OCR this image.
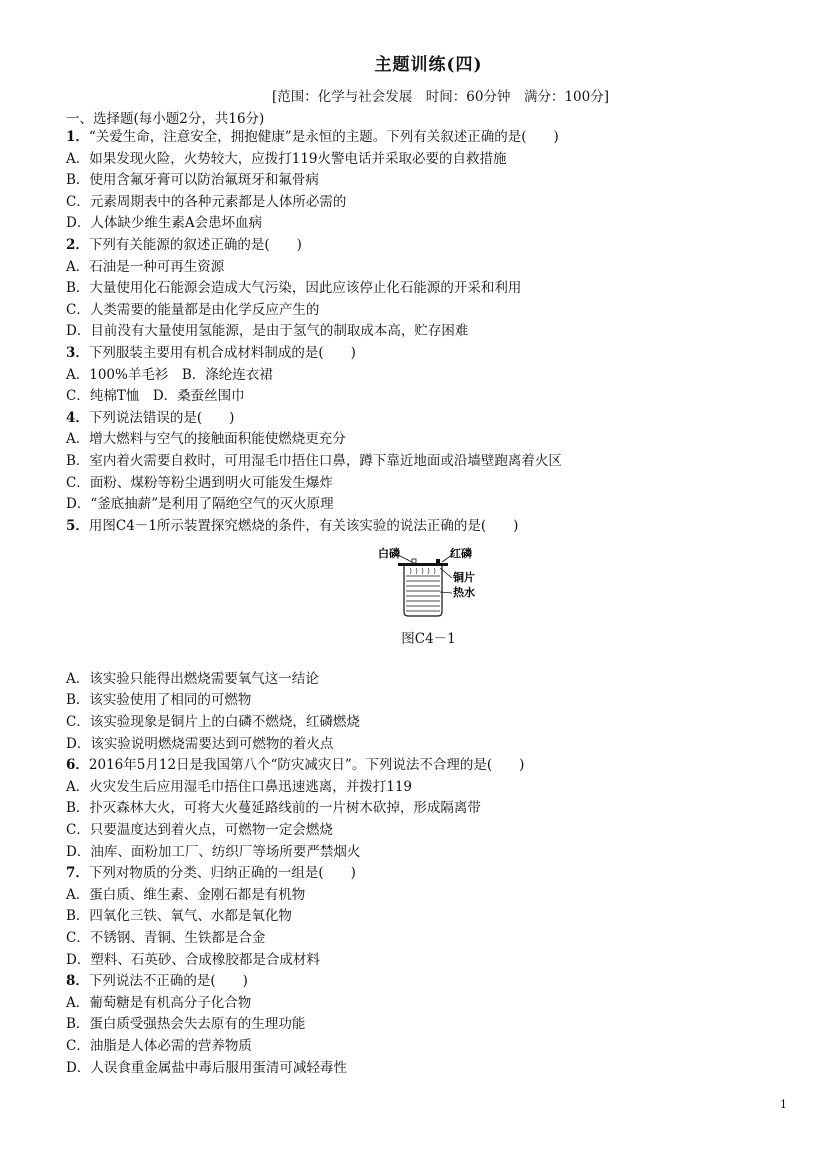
主题训练(四)
[范围：化学与社会发展　时间：60分钟　满分：100分]
一、选择题(每小题2分，共16分)
1．“关爱生命，注意安全，拥抱健康”是永恒的主题。下列有关叙述正确的是(　　)
A．如果发现火险，火势较大，应拨打119火警电话并采取必要的自救措施
B．使用含氟牙膏可以防治氟斑牙和氟骨病
C．元素周期表中的各种元素都是人体所必需的
D．人体缺少维生素A会患坏血病
2．下列有关能源的叙述正确的是(　　)
A．石油是一种可再生资源
B．大量使用化石能源会造成大气污染，因此应该停止化石能源的开采和利用
C．人类需要的能量都是由化学反应产生的
D．目前没有大量使用氢能源，是由于氢气的制取成本高，贮存困难
3．下列服装主要用有机合成材料制成的是(　　)
A．100%羊毛衫　B．涤纶连衣裙
C．纯棉T恤　D．桑蚕丝围巾
4．下列说法错误的是(　　)
A．增大燃料与空气的接触面积能使燃烧更充分
B．室内着火需要自救时，可用湿毛巾捂住口鼻，蹲下靠近地面或沿墙壁跑离着火区
C．面粉、煤粉等粉尘遇到明火可能发生爆炸
D．“釜底抽薪”是利用了隔绝空气的灭火原理
5．用图C4－1所示装置探究燃烧的条件，有关该实验的说法正确的是(　　)
白磷	红磷
铜片
热水
图C4－1
A．该实验只能得出燃烧需要氧气这一结论
B．该实验使用了相同的可燃物
C．该实验现象是铜片上的白磷不燃烧，红磷燃烧
D．该实验说明燃烧需要达到可燃物的着火点
6．2016年5月12日是我国第八个“防灾减灾日”。下列说法不合理的是(　　)
A．火灾发生后应用湿毛巾捂住口鼻迅速逃离，并拨打119
B．扑灭森林大火，可将大火蔓延路线前的一片树木砍掉，形成隔离带
C．只要温度达到着火点，可燃物一定会燃烧
D．油库、面粉加工厂、纺织厂等场所要严禁烟火
7．下列对物质的分类、归纳正确的一组是(　　)
A．蛋白质、维生素、金刚石都是有机物
B．四氧化三铁、氧气、水都是氧化物
C．不锈钢、青铜、生铁都是合金
D．塑料、石英砂、合成橡胶都是合成材料
8．下列说法不正确的是(　　)
A．葡萄糖是有机高分子化合物
B．蛋白质受强热会失去原有的生理功能
C．油脂是人体必需的营养物质
D．人误食重金属盐中毒后服用蛋清可减轻毒性
1
